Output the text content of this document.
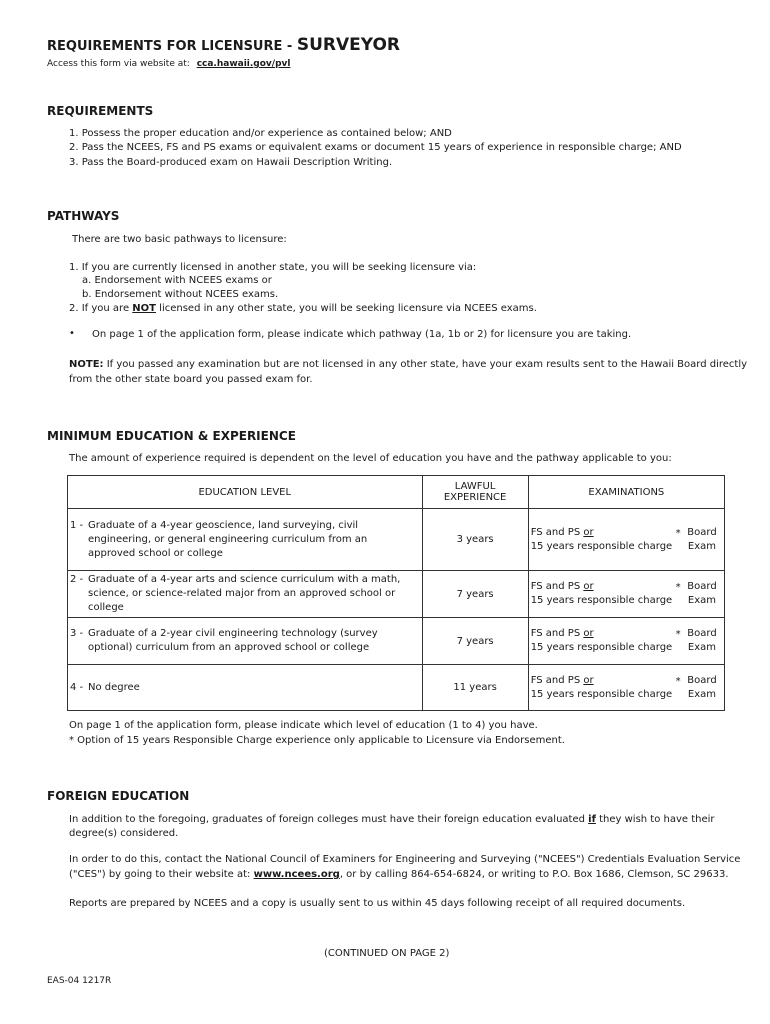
REQUIREMENTS FOR LICENSURE - SURVEYOR
Access this form via website at: cca.hawaii.gov/pvl
REQUIREMENTS
1. Possess the proper education and/or experience as contained below; AND
2. Pass the NCEES, FS and PS exams or equivalent exams or document 15 years of experience in responsible charge; AND
3. Pass the Board-produced exam on Hawaii Description Writing.
PATHWAYS
There are two basic pathways to licensure:
1. If you are currently licensed in another state, you will be seeking licensure via:
a. Endorsement with NCEES exams or
b. Endorsement without NCEES exams.
2. If you are NOT licensed in any other state, you will be seeking licensure via NCEES exams.
• On page 1 of the application form, please indicate which pathway (1a, 1b or 2) for licensure you are taking.
NOTE: If you passed any examination but are not licensed in any other state, have your exam results sent to the Hawaii Board directly
from the other state board you passed exam for.
MINIMUM EDUCATION & EXPERIENCE
The amount of experience required is dependent on the level of education you have and the pathway applicable to you:
EDUCATION LEVEL	LAWFUL EXPERIENCE	EXAMINATIONS
1 - Graduate of a 4-year geoscience, land surveying, civil engineering, or general engineering curriculum from an approved school or college	3 years	FS and PS or
15 years responsible charge
* Board
Exam

2 - Graduate of a 4-year arts and science curriculum with a math, science, or science-related major from an approved school or college	7 years	FS and PS or
15 years responsible charge
* Board
Exam

3 - Graduate of a 2-year civil engineering technology (survey optional) curriculum from an approved school or college	7 years	FS and PS or
15 years responsible charge
* Board
Exam

4 - No degree	11 years	FS and PS or
15 years responsible charge
* Board
Exam
On page 1 of the application form, please indicate which level of education (1 to 4) you have.
* Option of 15 years Responsible Charge experience only applicable to Licensure via Endorsement.
FOREIGN EDUCATION
In addition to the foregoing, graduates of foreign colleges must have their foreign education evaluated if they wish to have their
degree(s) considered.
In order to do this, contact the National Council of Examiners for Engineering and Surveying ("NCEES") Credentials Evaluation Service
("CES") by going to their website at: www.ncees.org, or by calling 864-654-6824, or writing to P.O. Box 1686, Clemson, SC 29633.
Reports are prepared by NCEES and a copy is usually sent to us within 45 days following receipt of all required documents.
(CONTINUED ON PAGE 2)
EAS-04 1217R
